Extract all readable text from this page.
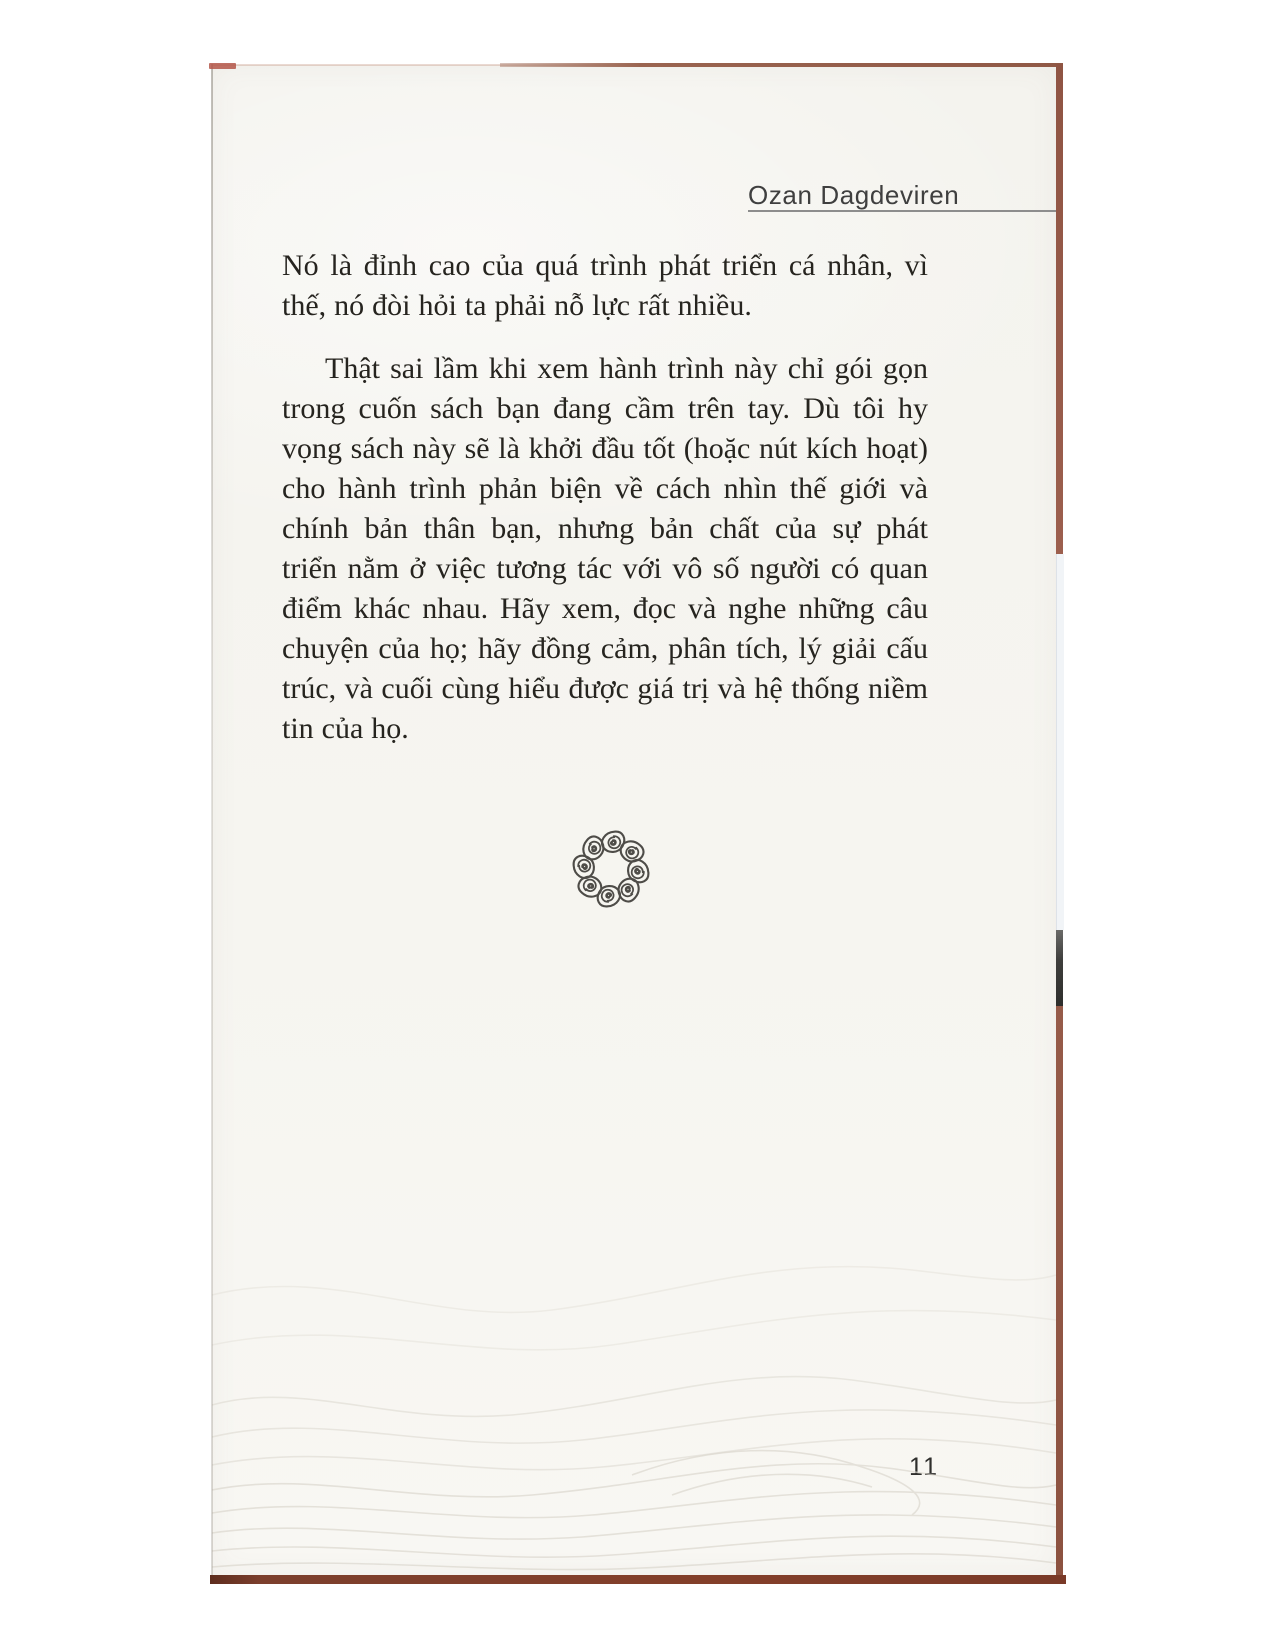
Ozan Dagdeviren
Nó là đỉnh cao của quá trình phát triển cá nhân, vì
thế, nó đòi hỏi ta phải nỗ lực rất nhiều.
Thật sai lầm khi xem hành trình này chỉ gói gọn
trong cuốn sách bạn đang cầm trên tay. Dù tôi hy
vọng sách này sẽ là khởi đầu tốt (hoặc nút kích hoạt)
cho hành trình phản biện về cách nhìn thế giới và
chính bản thân bạn, nhưng bản chất của sự phát
triển nằm ở việc tương tác với vô số người có quan
điểm khác nhau. Hãy xem, đọc và nghe những câu
chuyện của họ; hãy đồng cảm, phân tích, lý giải cấu
trúc, và cuối cùng hiểu được giá trị và hệ thống niềm
tin của họ.
11
